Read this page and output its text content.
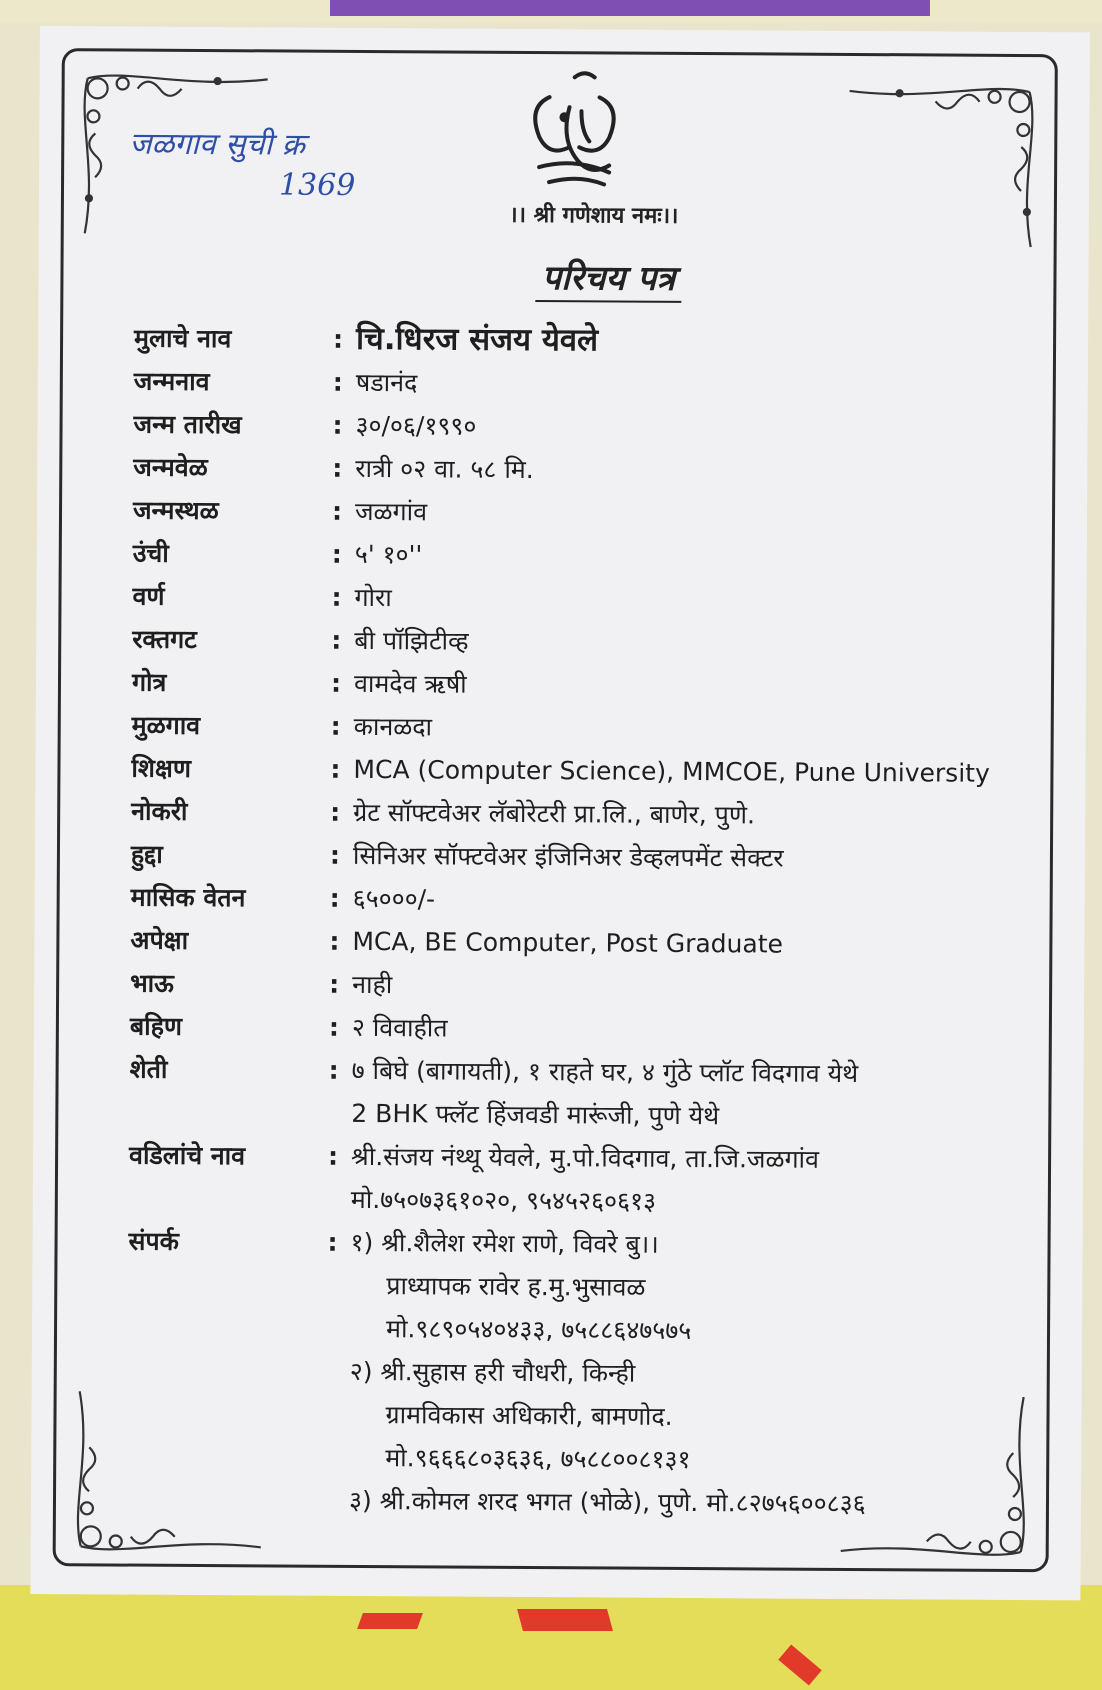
जळगाव सुची क्र
1369
।। श्री गणेशाय नमः।।
परिचय पत्र
मुलाचे नाव	: चि.धिरज संजय येवले
जन्मनाव	: षडानंद
जन्म तारीख	: ३०/०६/१९९०
जन्मवेळ	: रात्री ०२ वा. ५८ मि.
जन्मस्थळ	: जळगांव
उंची	: ५' १०''
वर्ण	: गोरा
रक्तगट	: बी पॉझिटीव्ह
गोत्र	: वामदेव ऋषी
मुळगाव	: कानळदा
शिक्षण	: MCA (Computer Science), MMCOE, Pune University
नोकरी	: ग्रेट सॉफ्टवेअर लॅबोरेटरी प्रा.लि., बाणेर, पुणे.
हुद्दा	: सिनिअर सॉफ्टवेअर इंजिनिअर डेव्हलपमेंट सेक्टर
मासिक वेतन	: ६५०००/-
अपेक्षा	: MCA, BE Computer, Post Graduate
भाऊ	: नाही
बहिण	: २ विवाहीत
शेती	: ७ बिघे (बागायती), १ राहते घर, ४ गुंठे प्लॉट विदगाव येथे
2 BHK फ्लॅट हिंजवडी मारूंजी, पुणे येथे
वडिलांचे नाव	: श्री.संजय नंथ्थू येवले, मु.पो.विदगाव, ता.जि.जळगांव
मो.७५०७३६१०२०, ९५४५२६०६१३
संपर्क	: १) श्री.शैलेश रमेश राणे, विवरे बु।।
प्राध्यापक रावेर ह.मु.भुसावळ
मो.९८९०५४०४३३, ७५८८६४७५७५
२) श्री.सुहास हरी चौधरी, किन्ही
ग्रामविकास अधिकारी, बामणोद.
मो.९६६६८०३६३६, ७५८८००८१३१
३) श्री.कोमल शरद भगत (भोळे), पुणे. मो.८२७५६००८३६
